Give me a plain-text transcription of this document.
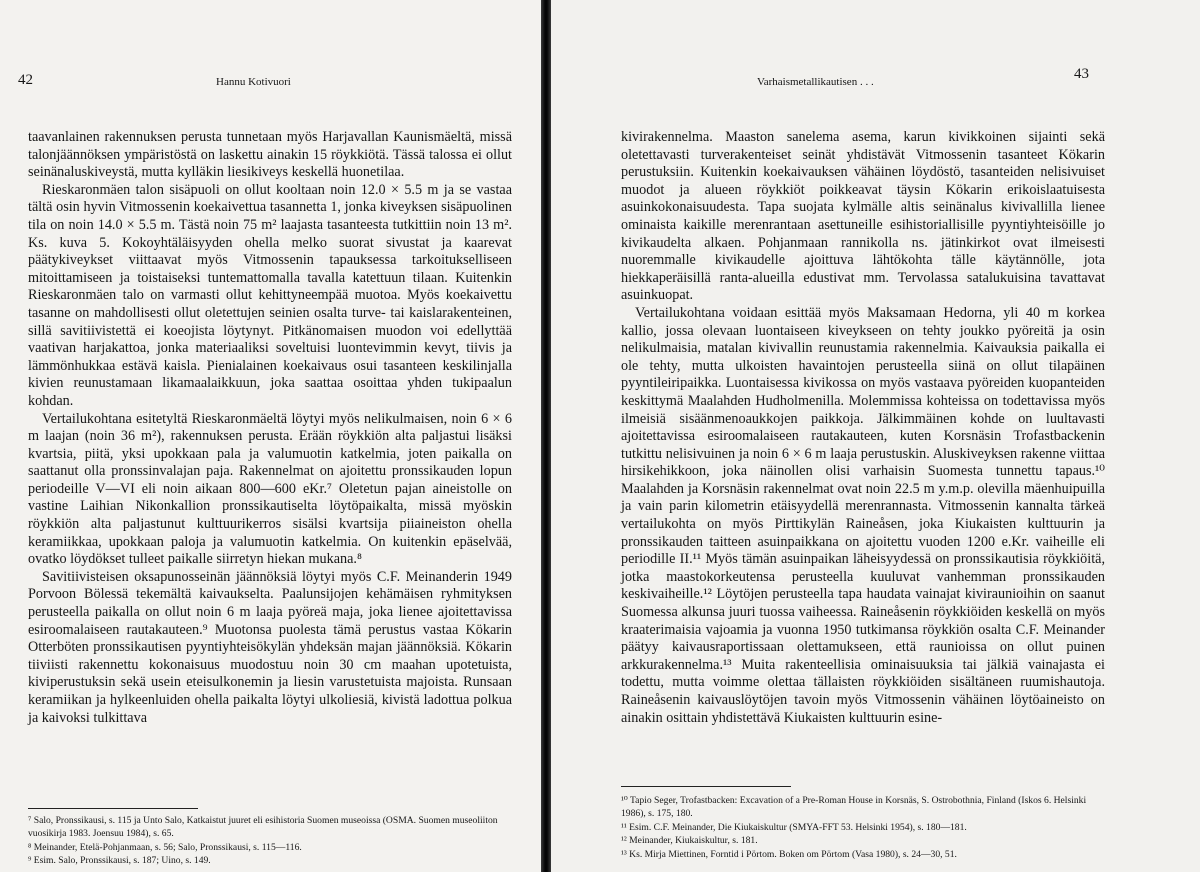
42	Hannu Kotivuori

taavanlainen rakennuksen perusta tunnetaan myös Harjavallan Kaunismäeltä, missä talonjäännöksen ympäristöstä on laskettu ainakin 15 röykkiötä. Tässä talossa ei ollut seinänaluskiveystä, mutta kylläkin liesikiveys keskellä huonetilaa.

Rieskaronmäen talon sisäpuoli on ollut kooltaan noin 12.0 × 5.5 m ja se vastaa tältä osin hyvin Vitmossenin koekaivettua tasannetta 1, jonka kiveyksen sisäpuolinen tila on noin 14.0 × 5.5 m. Tästä noin 75 m² laajasta tasanteesta tutkittiin noin 13 m². Ks. kuva 5. Kokoyhtäläisyyden ohella melko suorat sivustat ja kaarevat päätykiveykset viittaavat myös Vitmossenin tapauksessa tarkoitukselliseen mitoittamiseen ja toistaiseksi tuntemattomalla tavalla katettuun tilaan. Kuitenkin Rieskaronmäen talo on varmasti ollut kehittyneempää muotoa. Myös koekaivettu tasanne on mahdollisesti ollut oletettujen seinien osalta turve- tai kaislarakenteinen, sillä savitiivistettä ei koeojista löytynyt. Pitkänomaisen muodon voi edellyttää vaativan harjakattoa, jonka materiaaliksi soveltuisi luontevimmin kevyt, tiivis ja lämmönhukkaa estävä kaisla. Pienialainen koekaivaus osui tasanteen keskilinjalla kivien reunustamaan likamaalaikkuun, joka saattaa osoittaa yhden tukipaalun kohdan.

Vertailukohtana esitetyltä Rieskaronmäeltä löytyi myös nelikulmaisen, noin 6 × 6 m laajan (noin 36 m²), rakennuksen perusta. Erään röykkiön alta paljastui lisäksi kvartsia, piitä, yksi upokkaan pala ja valumuotin katkelmia, joten paikalla on saattanut olla pronssinvalajan paja. Rakennelmat on ajoitettu pronssikauden lopun periodeille V—VI eli noin aikaan 800—600 eKr.⁷ Oletetun pajan aineistolle on vastine Laihian Nikonkallion pronssikautiselta löytöpaikalta, missä myöskin röykkiön alta paljastunut kulttuurikerros sisälsi kvartsija piiaineiston ohella keramiikkaa, upokkaan paloja ja valumuotin katkelmia. On kuitenkin epäselvää, ovatko löydökset tulleet paikalle siirretyn hiekan mukana.⁸

Savitiivisteisen oksapunosseinän jäännöksiä löytyi myös C.F. Meinanderin 1949 Porvoon Bölessä tekemältä kaivaukselta. Paalunsijojen kehämäisen ryhmityksen perusteella paikalla on ollut noin 6 m laaja pyöreä maja, joka lienee ajoitettavissa esiroomalaiseen rautakauteen.⁹ Muotonsa puolesta tämä perustus vastaa Kökarin Otterböten pronssikautisen pyyntiyhteisökylän yhdeksän majan jäännöksiä. Kökarin tiiviisti rakennettu kokonaisuus muodostuu noin 30 cm maahan upotetuista, kiviperustuksin sekä usein eteisulkonemin ja liesin varustetuista majoista. Runsaan keramiikan ja hylkeenluiden ohella paikalta löytyi ulkoliesiä, kivistä ladottua polkua ja kaivoksi tulkittava

⁷ Salo, Pronssikausi, s. 115 ja Unto Salo, Katkaistut juuret eli esihistoria Suomen museoissa (OSMA. Suomen museoliiton vuosikirja 1983. Joensuu 1984), s. 65.

⁸ Meinander, Etelä-Pohjanmaan, s. 56; Salo, Pronssikausi, s. 115—116.

⁹ Esim. Salo, Pronssikausi, s. 187; Uino, s. 149.

Varhaismetallikautisen . . .	43

kivirakennelma. Maaston sanelema asema, karun kivikkoinen sijainti sekä oletettavasti turverakenteiset seinät yhdistävät Vitmossenin tasanteet Kökarin perustuksiin. Kuitenkin koekaivauksen vähäinen löydöstö, tasanteiden nelisivuiset muodot ja alueen röykkiöt poikkeavat täysin Kökarin erikoislaatuisesta asuinkokonaisuudesta. Tapa suojata kylmälle altis seinänalus kivivallilla lienee ominaista kaikille merenrantaan asettuneille esihistoriallisille pyyntiyhteisöille jo kivikaudelta alkaen. Pohjanmaan rannikolla ns. jätinkirkot ovat ilmeisesti nuoremmalle kivikaudelle ajoittuva lähtökohta tälle käytännölle, jota hiekkaperäisillä ranta-alueilla edustivat mm. Tervolassa satalukuisina tavattavat asuinkuopat.

Vertailukohtana voidaan esittää myös Maksamaan Hedorna, yli 40 m korkea kallio, jossa olevaan luontaiseen kiveykseen on tehty joukko pyöreitä ja osin nelikulmaisia, matalan kivivallin reunustamia rakennelmia. Kaivauksia paikalla ei ole tehty, mutta ulkoisten havaintojen perusteella siinä on ollut tilapäinen pyyntileiripaikka. Luontaisessa kivikossa on myös vastaava pyöreiden kuopanteiden keskittymä Maalahden Hudholmenilla. Molemmissa kohteissa on todettavissa myös ilmeisiä sisäänmenoaukkojen paikkoja. Jälkimmäinen kohde on luultavasti ajoitettavissa esiroomalaiseen rautakauteen, kuten Korsnäsin Trofastbackenin tutkittu nelisivuinen ja noin 6 × 6 m laaja perustuskin. Aluskiveyksen rakenne viittaa hirsikehikkoon, joka näinollen olisi varhaisin Suomesta tunnettu tapaus.¹⁰ Maalahden ja Korsnäsin rakennelmat ovat noin 22.5 m y.m.p. olevilla mäenhuipuilla ja vain parin kilometrin etäisyydellä merenrannasta. Vitmossenin kannalta tärkeä vertailukohta on myös Pirttikylän Raineåsen, joka Kiukaisten kulttuurin ja pronssikauden taitteen asuinpaikkana on ajoitettu vuoden 1200 e.Kr. vaiheille eli periodille II.¹¹ Myös tämän asuinpaikan läheisyydessä on pronssikautisia röykkiöitä, jotka maastokorkeutensa perusteella kuuluvat vanhemman pronssikauden keskivaiheille.¹² Löytöjen perusteella tapa haudata vainajat kiviraunioihin on saanut Suomessa alkunsa juuri tuossa vaiheessa. Raineåsenin röykkiöiden keskellä on myös kraaterimaisia vajoamia ja vuonna 1950 tutkimansa röykkiön osalta C.F. Meinander päätyy kaivausraportissaan olettamukseen, että raunioissa on ollut puinen arkkurakennelma.¹³ Muita rakenteellisia ominaisuuksia tai jälkiä vainajasta ei todettu, mutta voimme olettaa tällaisten röykkiöiden sisältäneen ruumishautoja. Raineåsenin kaivauslöytöjen tavoin myös Vitmossenin vähäinen löytöaineisto on ainakin osittain yhdistettävä Kiukaisten kulttuurin esine-

¹⁰ Tapio Seger, Trofastbacken: Excavation of a Pre-Roman House in Korsnäs, S. Ostrobothnia, Finland (Iskos 6. Helsinki 1986), s. 175, 180.

¹¹ Esim. C.F. Meinander, Die Kiukaiskultur (SMYA-FFT 53. Helsinki 1954), s. 180—181.

¹² Meinander, Kiukaiskultur, s. 181.

¹³ Ks. Mirja Miettinen, Forntid i Pörtom. Boken om Pörtom (Vasa 1980), s. 24—30, 51.
